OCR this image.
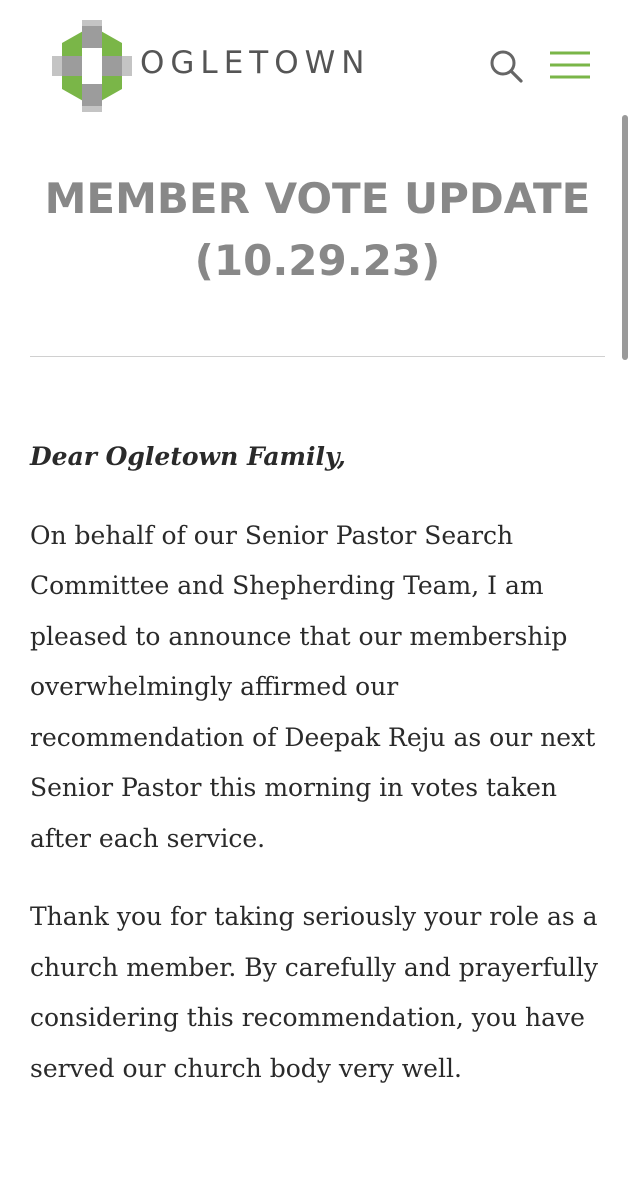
OGLETOWN
MEMBER VOTE UPDATE (10.29.23)

Dear Ogletown Family,

On behalf of our Senior Pastor Search Committee and Shepherding Team, I am pleased to announce that our membership overwhelmingly affirmed our recommendation of Deepak Reju as our next Senior Pastor this morning in votes taken after each service.

Thank you for taking seriously your role as a church member. By carefully and prayerfully considering this recommendation, you have served our church body very well.
